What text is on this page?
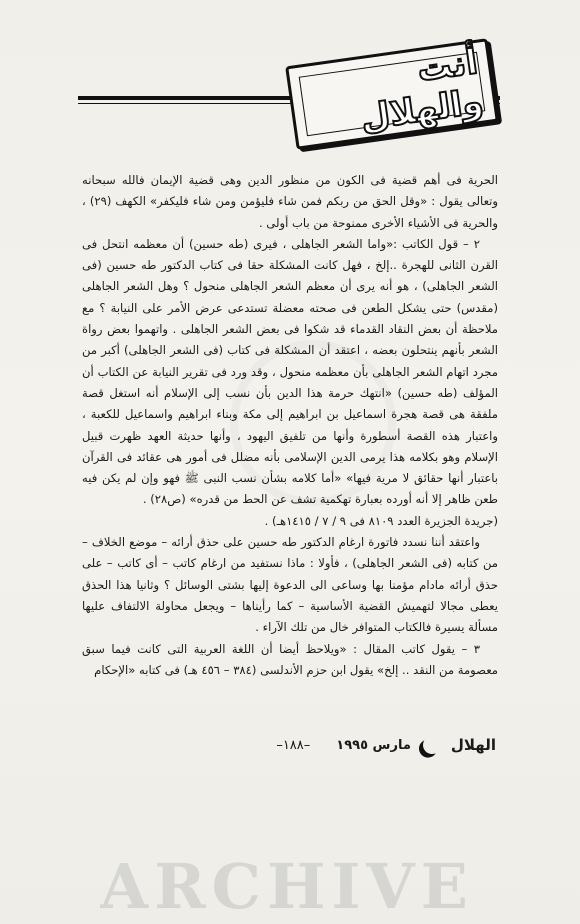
أنت والهلال

الحرية فى أهم قضية فى الكون من منظور الدين وهى قضية الإيمان فالله سبحانه وتعالى يقول : «وقل الحق من ربكم فمن شاء فليؤمن ومن شاء فليكفر» الكهف (٢٩) ، والحرية فى الأشياء الأخرى ممنوحة من باب أولى .

٢ – قول الكاتب :«واما الشعر الجاهلى ، فيرى (طه حسين) أن معظمه انتحل فى القرن الثانى للهجرة ..إلخ ، فهل كانت المشكلة حقا فى كتاب الدكتور طه حسين (فى الشعر الجاهلى) ، هو أنه يرى أن معظم الشعر الجاهلى منحول ؟ وهل الشعر الجاهلى (مقدس) حتى يشكل الطعن فى صحته معضلة تستدعى عرض الأمر على النيابة ؟ مع ملاحظة أن بعض النقاد القدماء قد شكوا فى بعض الشعر الجاهلى . واتهموا بعض رواة الشعر بأنهم ينتحلون بعضه ، اعتقد أن المشكلة فى كتاب (فى الشعر الجاهلى) أكبر من مجرد اتهام الشعر الجاهلى بأن معظمه منحول ، وقد ورد فى تقرير النيابة عن الكتاب أن المؤلف (طه حسين) «انتهك حرمة هذا الدين بأن نسب إلى الإسلام أنه استغل قصة ملفقة هى قصة هجرة اسماعيل بن ابراهيم إلى مكة وبناء ابراهيم واسماعيل للكعبة ، واعتبار هذه القصة أسطورة وأنها من تلفيق اليهود ، وأنها حديثة العهد ظهرت قبيل الإسلام وهو بكلامه هذا يرمى الدين الإسلامى بأنه مضلل فى أمور هى عقائد فى القرآن باعتبار أنها حقائق لا مرية فيها» «أما كلامه بشأن نسب النبى ﷺ فهو وإن لم يكن فيه طعن ظاهر إلا أنه أورده بعبارة تهكمية تشف عن الحط من قدره» (ص٢٨) .

(جريدة الجزيرة العدد ٨١٠٩ فى ٩ / ٧ / ١٤١٥هـ) .

واعتقد أننا نسدد فاتورة ارغام الدكتور طه حسين على حذق أرائه – موضع الخلاف – من كتابه (فى الشعر الجاهلى) ، فأولا : ماذا نستفيد من ارغام كاتب – أى كاتب – على حذق أرائه مادام مؤمنا بها وساعى الى الدعوة إليها بشتى الوسائل ؟ وثانيا هذا الحذق يعطى مجالا لتهميش القضية الأساسية – كما رأيناها – ويجعل محاولة الالتفاف عليها مسألة يسيرة فالكتاب المتوافر خال من تلك الآراء .

٣ – يقول كاتب المقال : «ويلاحظ أيضا أن اللغة العربية التى كانت فيما سبق معصومة من النقد .. إلخ» يقول ابن حزم الأندلسى (٣٨٤ – ٤٥٦ هـ) فى كتابه «الإحكام

الهلال
مارس ١٩٩٥
–١٨٨–
ARCHIVE
